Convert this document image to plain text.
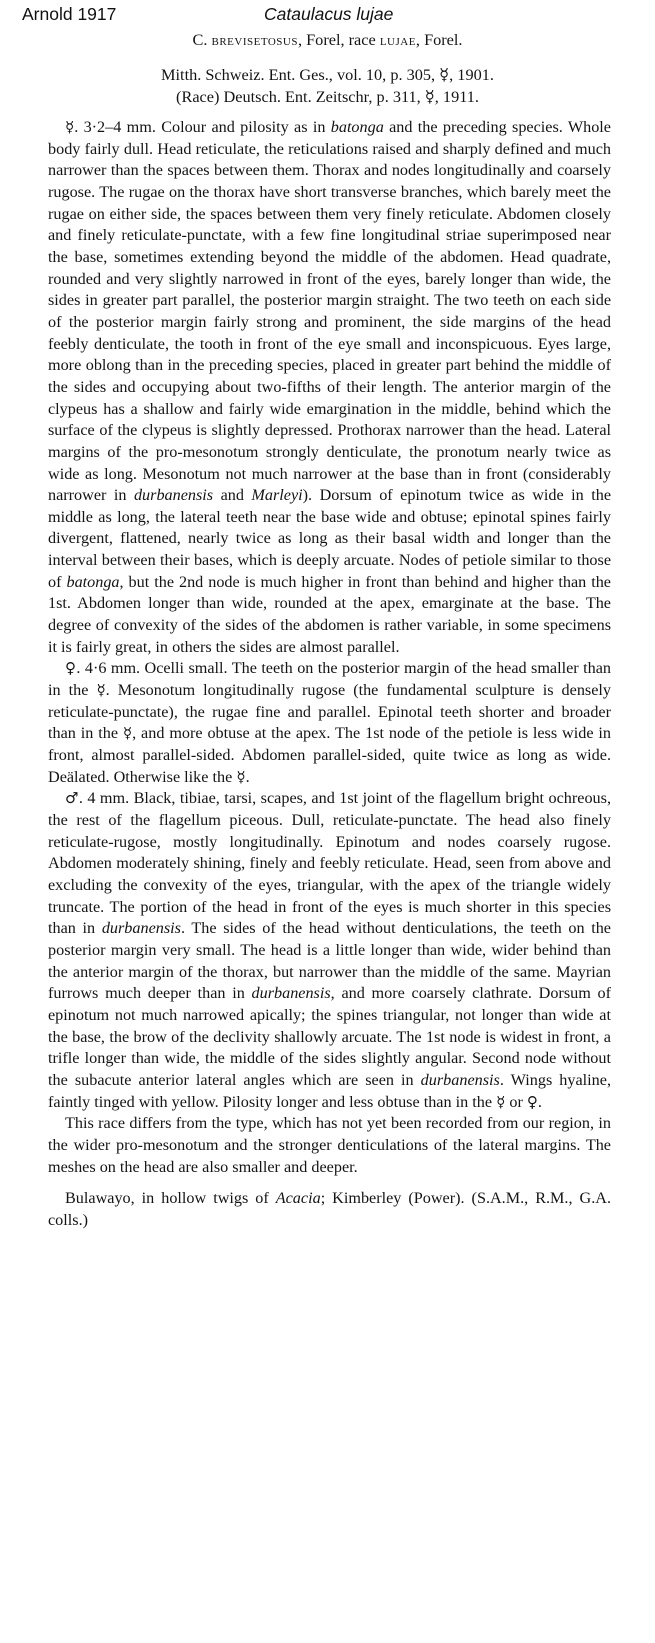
Arnold 1917	Cataulacus lujae
C. brevisetosus, Forel, race lujae, Forel.
Mitth. Schweiz. Ent. Ges., vol. 10, p. 305, ☿, 1901.
(Race) Deutsch. Ent. Zeitschr, p. 311, ☿, 1911.

☿. 3·2–4 mm. Colour and pilosity as in batonga and the preceding species. Whole body fairly dull. Head reticulate, the reticulations raised and sharply defined and much narrower than the spaces between them. Thorax and nodes longitudinally and coarsely rugose. The rugae on the thorax have short transverse branches, which barely meet the rugae on either side, the spaces between them very finely reticulate. Abdomen closely and finely reticulate-punctate, with a few fine longitudinal striae superimposed near the base, sometimes extending beyond the middle of the abdomen. Head quadrate, rounded and very slightly narrowed in front of the eyes, barely longer than wide, the sides in greater part parallel, the posterior margin straight. The two teeth on each side of the posterior margin fairly strong and prominent, the side margins of the head feebly denticulate, the tooth in front of the eye small and inconspicuous. Eyes large, more oblong than in the preceding species, placed in greater part behind the middle of the sides and occupying about two-fifths of their length. The anterior margin of the clypeus has a shallow and fairly wide emargination in the middle, behind which the surface of the clypeus is slightly depressed. Prothorax narrower than the head. Lateral margins of the pro-mesonotum strongly denticulate, the pronotum nearly twice as wide as long. Mesonotum not much narrower at the base than in front (considerably narrower in durbanensis and Marleyi). Dorsum of epinotum twice as wide in the middle as long, the lateral teeth near the base wide and obtuse; epinotal spines fairly divergent, flattened, nearly twice as long as their basal width and longer than the interval between their bases, which is deeply arcuate. Nodes of petiole similar to those of batonga, but the 2nd node is much higher in front than behind and higher than the 1st. Abdomen longer than wide, rounded at the apex, emarginate at the base. The degree of convexity of the sides of the abdomen is rather variable, in some specimens it is fairly great, in others the sides are almost parallel.

♀. 4·6 mm. Ocelli small. The teeth on the posterior margin of the head smaller than in the ☿. Mesonotum longitudinally rugose (the fundamental sculpture is densely reticulate-punctate), the rugae fine and parallel. Epinotal teeth shorter and broader than in the ☿, and more obtuse at the apex. The 1st node of the petiole is less wide in front, almost parallel-sided. Abdomen parallel-sided, quite twice as long as wide. Deälated. Otherwise like the ☿.

♂. 4 mm. Black, tibiae, tarsi, scapes, and 1st joint of the flagellum bright ochreous, the rest of the flagellum piceous. Dull, reticulate-punctate. The head also finely reticulate-rugose, mostly longitudinally. Epinotum and nodes coarsely rugose. Abdomen moderately shining, finely and feebly reticulate. Head, seen from above and excluding the convexity of the eyes, triangular, with the apex of the triangle widely truncate. The portion of the head in front of the eyes is much shorter in this species than in durbanensis. The sides of the head without denticulations, the teeth on the posterior margin very small. The head is a little longer than wide, wider behind than the anterior margin of the thorax, but narrower than the middle of the same. Mayrian furrows much deeper than in durbanensis, and more coarsely clathrate. Dorsum of epinotum not much narrowed apically; the spines triangular, not longer than wide at the base, the brow of the declivity shallowly arcuate. The 1st node is widest in front, a trifle longer than wide, the middle of the sides slightly angular. Second node without the subacute anterior lateral angles which are seen in durbanensis. Wings hyaline, faintly tinged with yellow. Pilosity longer and less obtuse than in the ☿ or ♀.

This race differs from the type, which has not yet been recorded from our region, in the wider pro-mesonotum and the stronger denticulations of the lateral margins. The meshes on the head are also smaller and deeper.

Bulawayo, in hollow twigs of Acacia; Kimberley (Power). (S.A.M., R.M., G.A. colls.)
